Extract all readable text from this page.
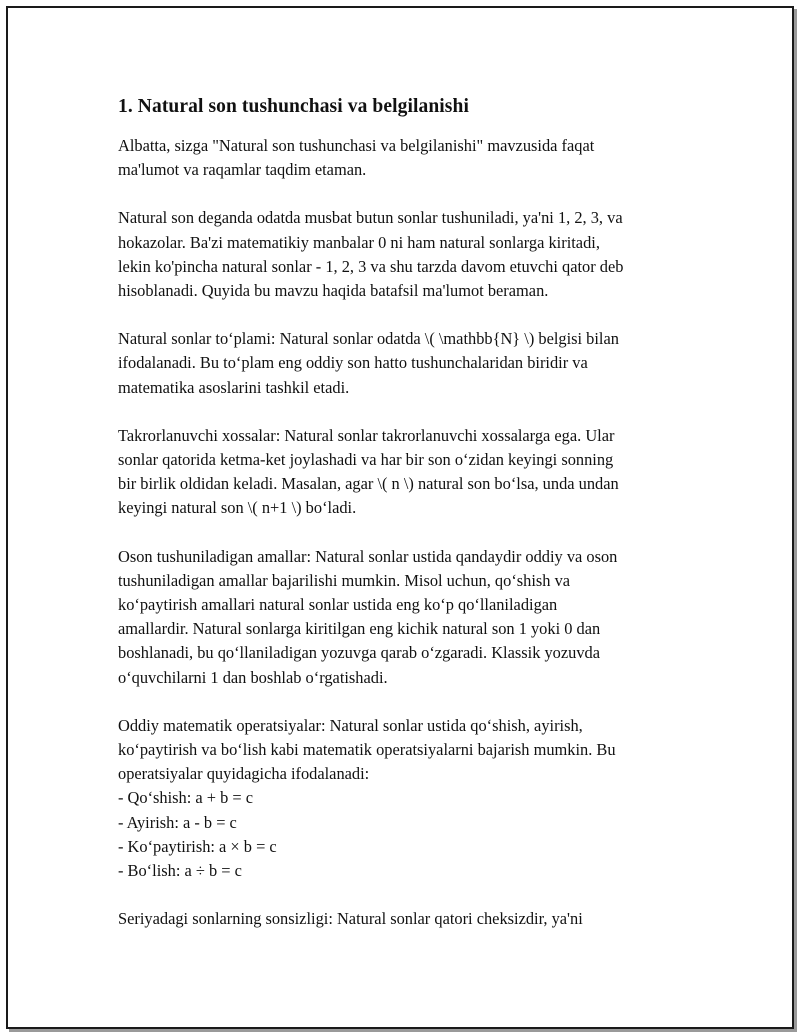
1. Natural son tushunchasi va belgilanishi
Albatta, sizga "Natural son tushunchasi va belgilanishi" mavzusida faqat
ma'lumot va raqamlar taqdim etaman.
Natural son deganda odatda musbat butun sonlar tushuniladi, ya'ni 1, 2, 3, va
hokazolar. Ba'zi matematikiy manbalar 0 ni ham natural sonlarga kiritadi,
lekin ko'pincha natural sonlar - 1, 2, 3 va shu tarzda davom etuvchi qator deb
hisoblanadi. Quyida bu mavzu haqida batafsil ma'lumot beraman.
Natural sonlar to‘plami: Natural sonlar odatda \( \mathbb{N} \) belgisi bilan
ifodalanadi. Bu to‘plam eng oddiy son hatto tushunchalaridan biridir va
matematika asoslarini tashkil etadi.
Takrorlanuvchi xossalar: Natural sonlar takrorlanuvchi xossalarga ega. Ular
sonlar qatorida ketma-ket joylashadi va har bir son o‘zidan keyingi sonning
bir birlik oldidan keladi. Masalan, agar \( n \) natural son bo‘lsa, unda undan
keyingi natural son \( n+1 \) bo‘ladi.
Oson tushuniladigan amallar: Natural sonlar ustida qandaydir oddiy va oson
tushuniladigan amallar bajarilishi mumkin. Misol uchun, qo‘shish va
ko‘paytirish amallari natural sonlar ustida eng ko‘p qo‘llaniladigan
amallardir. Natural sonlarga kiritilgan eng kichik natural son 1 yoki 0 dan
boshlanadi, bu qo‘llaniladigan yozuvga qarab o‘zgaradi. Klassik yozuvda
o‘quvchilarni 1 dan boshlab o‘rgatishadi.
Oddiy matematik operatsiyalar: Natural sonlar ustida qo‘shish, ayirish,
ko‘paytirish va bo‘lish kabi matematik operatsiyalarni bajarish mumkin. Bu
operatsiyalar quyidagicha ifodalanadi:
- Qo‘shish: a + b = c
- Ayirish: a - b = c
- Ko‘paytirish: a × b = c
- Bo‘lish: a ÷ b = c
Seriyadagi sonlarning sonsizligi: Natural sonlar qatori cheksizdir, ya'ni
